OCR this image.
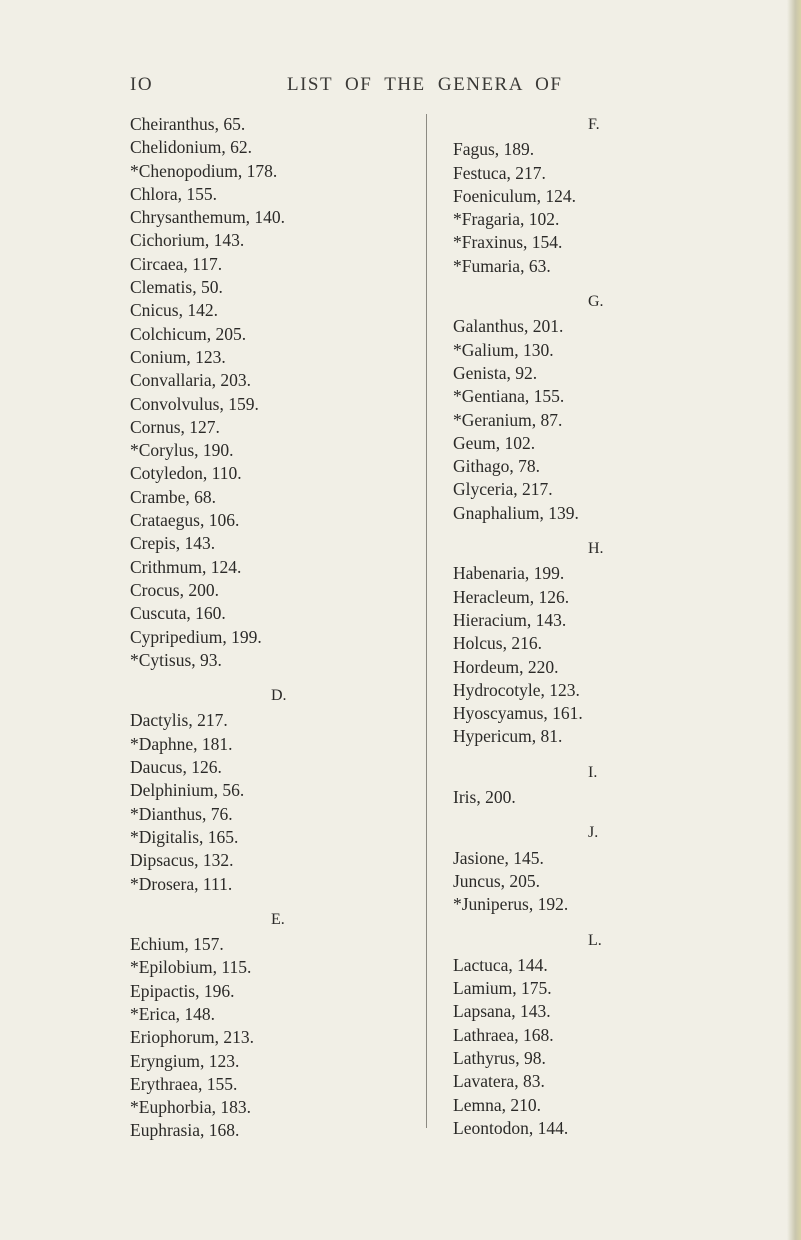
IO	LIST OF THE GENERA OF
Cheiranthus, 65.
Chelidonium, 62.
*Chenopodium, 178.
Chlora, 155.
Chrysanthemum, 140.
Cichorium, 143.
Circaea, 117.
Clematis, 50.
Cnicus, 142.
Colchicum, 205.
Conium, 123.
Convallaria, 203.
Convolvulus, 159.
Cornus, 127.
*Corylus, 190.
Cotyledon, 110.
Crambe, 68.
Crataegus, 106.
Crepis, 143.
Crithmum, 124.
Crocus, 200.
Cuscuta, 160.
Cypripedium, 199.
*Cytisus, 93.
D.
Dactylis, 217.
*Daphne, 181.
Daucus, 126.
Delphinium, 56.
*Dianthus, 76.
*Digitalis, 165.
Dipsacus, 132.
*Drosera, 111.
E.
Echium, 157.
*Epilobium, 115.
Epipactis, 196.
*Erica, 148.
Eriophorum, 213.
Eryngium, 123.
Erythraea, 155.
*Euphorbia, 183.
Euphrasia, 168.
F.
Fagus, 189.
Festuca, 217.
Foeniculum, 124.
*Fragaria, 102.
*Fraxinus, 154.
*Fumaria, 63.
G.
Galanthus, 201.
*Galium, 130.
Genista, 92.
*Gentiana, 155.
*Geranium, 87.
Geum, 102.
Githago, 78.
Glyceria, 217.
Gnaphalium, 139.
H.
Habenaria, 199.
Heracleum, 126.
Hieracium, 143.
Holcus, 216.
Hordeum, 220.
Hydrocotyle, 123.
Hyoscyamus, 161.
Hypericum, 81.
I.
Iris, 200.
J.
Jasione, 145.
Juncus, 205.
*Juniperus, 192.
L.
Lactuca, 144.
Lamium, 175.
Lapsana, 143.
Lathraea, 168.
Lathyrus, 98.
Lavatera, 83.
Lemna, 210.
Leontodon, 144.
